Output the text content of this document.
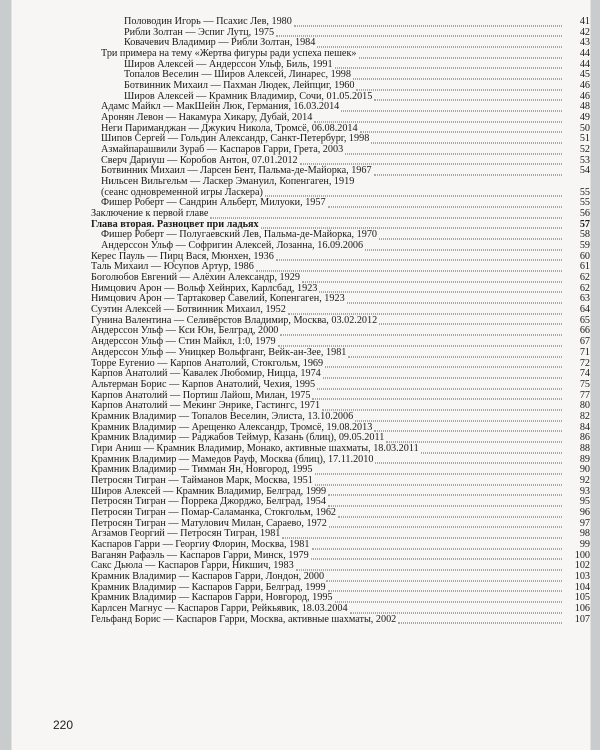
Половодин Игорь — Псахис Лев, 1980	41
Рибли Золтан — Эспиг Лутц, 1975	42
Ковачевич Владимир — Рибли Золтан, 1984	43
Три примера на тему «Жертва фигуры ради успеха пешек»	44
Широв Алексей — Андерссон Ульф, Биль, 1991	44
Топалов Веселин — Широв Алексей, Линарес, 1998	45
Ботвинник Михаил — Пахман Людек, Лейпциг, 1960	46
Широв Алексей — Крамник Владимир, Сочи, 01.05.2015	46
Адамс Майкл — МакШейн Люк, Германия, 16.03.2014	48
Аронян Левон — Накамура Хикару, Дубай, 2014	49
Неги Париманджан — Джукич Никола, Тромсё, 06.08.2014	50
Шипов Сергей — Гольдин Александр, Санкт-Петербург, 1998	51
Азмайпарашвили Зураб — Каспаров Гарри, Грета, 2003	52
Сверч Дариуш — Коробов Антон, 07.01.2012	53
Ботвинник Михаил — Ларсен Бент, Пальма-де-Майорка, 1967	54
Нильсен Вильгельм — Ласкер Эмануил, Копенгаген, 1919
(сеанс одновременной игры Ласкера)	55
Фишер Роберт — Сандрин Альберт, Милуоки, 1957	55
Заключение к первой главе	56
Глава вторая. Разноцвет при ладьях	57
Фишер Роберт — Полугаевский Лев, Пальма-де-Майорка, 1970	58
Андерссон Ульф — Софригин Алексей, Лозанна, 16.09.2006	59
Керес Пауль — Пирц Вася, Мюнхен, 1936	60
Таль Михаил — Юсупов Артур, 1986	61
Боголюбов Евгений — Алёхин Александр, 1929	62
Нимцович Арон — Вольф Хейнрих, Карлсбад, 1923	62
Нимцович Арон — Тартаковер Савелий, Копенгаген, 1923	63
Суэтин Алексей — Ботвинник Михаил, 1952	64
Гунина Валентина — Селивёрстов Владимир, Москва, 03.02.2012	65
Андерссон Ульф — Кси Юн, Белград, 2000	66
Андерссон Ульф — Стин Майкл, 1:0, 1979	67
Андерссон Ульф — Уницкер Вольфганг, Вейк-ан-Зее, 1981	71
Торре Еугенио — Карпов Анатолий, Стокгольм, 1969	72
Карпов Анатолий — Кавалек Любомир, Ницца, 1974	74
Альтерман Борис — Карпов Анатолий, Чехия, 1995	75
Карпов Анатолий — Портиш Лайош, Милан, 1975	77
Карпов Анатолий — Мекинг Энрике, Гастингс, 1971	80
Крамник Владимир — Топалов Веселин, Элиста, 13.10.2006	82
Крамник Владимир — Арещенко Александр, Тромсё, 19.08.2013	84
Крамник Владимир — Раджабов Теймур, Казань (блиц), 09.05.2011	86
Гири Аниш — Крамник Владимир, Монако, активные шахматы, 18.03.2011	88
Крамник Владимир — Мамедов Рауф, Москва (блиц), 17.11.2010	89
Крамник Владимир — Тимман Ян, Новгород, 1995	90
Петросян Тигран — Тайманов Марк, Москва, 1951	92
Широв Алексей — Крамник Владимир, Белград, 1999	93
Петросян Тигран — Поррека Джорджо, Белград, 1954	95
Петросян Тигран — Помар-Саламанка, Стокгольм, 1962	96
Петросян Тигран — Матулович Милан, Сараево, 1972	97
Агзамов Георгий — Петросян Тигран, 1981	98
Каспаров Гарри — Георгиу Флорин, Москва, 1981	99
Ваганян Рафаэль — Каспаров Гарри, Минск, 1979	100
Сакс Дьюла — Каспаров Гарри, Никшич, 1983	102
Крамник Владимир — Каспаров Гарри, Лондон, 2000	103
Крамник Владимир — Каспаров Гарри, Белград, 1999	104
Крамник Владимир — Каспаров Гарри, Новгород, 1995	105
Карлсен Магнус — Каспаров Гарри, Рейкьявик, 18.03.2004	106
Гельфанд Борис — Каспаров Гарри, Москва, активные шахматы, 2002	107
220
